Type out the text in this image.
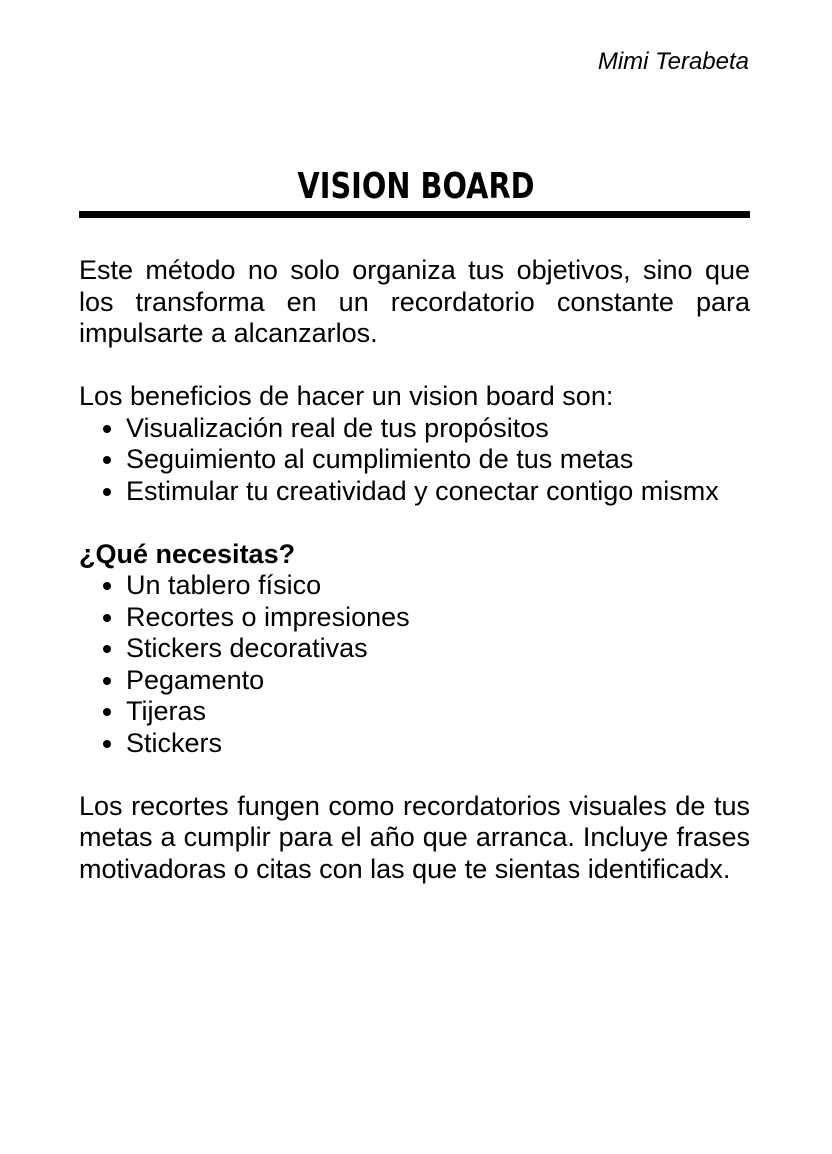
Mimi Terabeta
VISION BOARD

Este método no solo organiza tus objetivos, sino que los transforma en un recordatorio constante para impulsarte a alcanzarlos.

Los beneficios de hacer un vision board son:

• Visualización real de tus propósitos
• Seguimiento al cumplimiento de tus metas
• Estimular tu creatividad y conectar contigo mismx
¿Qué necesitas?
• Un tablero físico
• Recortes o impresiones
• Stickers decorativas
• Pegamento
• Tijeras
• Stickers

Los recortes fungen como recordatorios visuales de tus metas a cumplir para el año que arranca. Incluye frases motivadoras o citas con las que te sientas identificadx.
